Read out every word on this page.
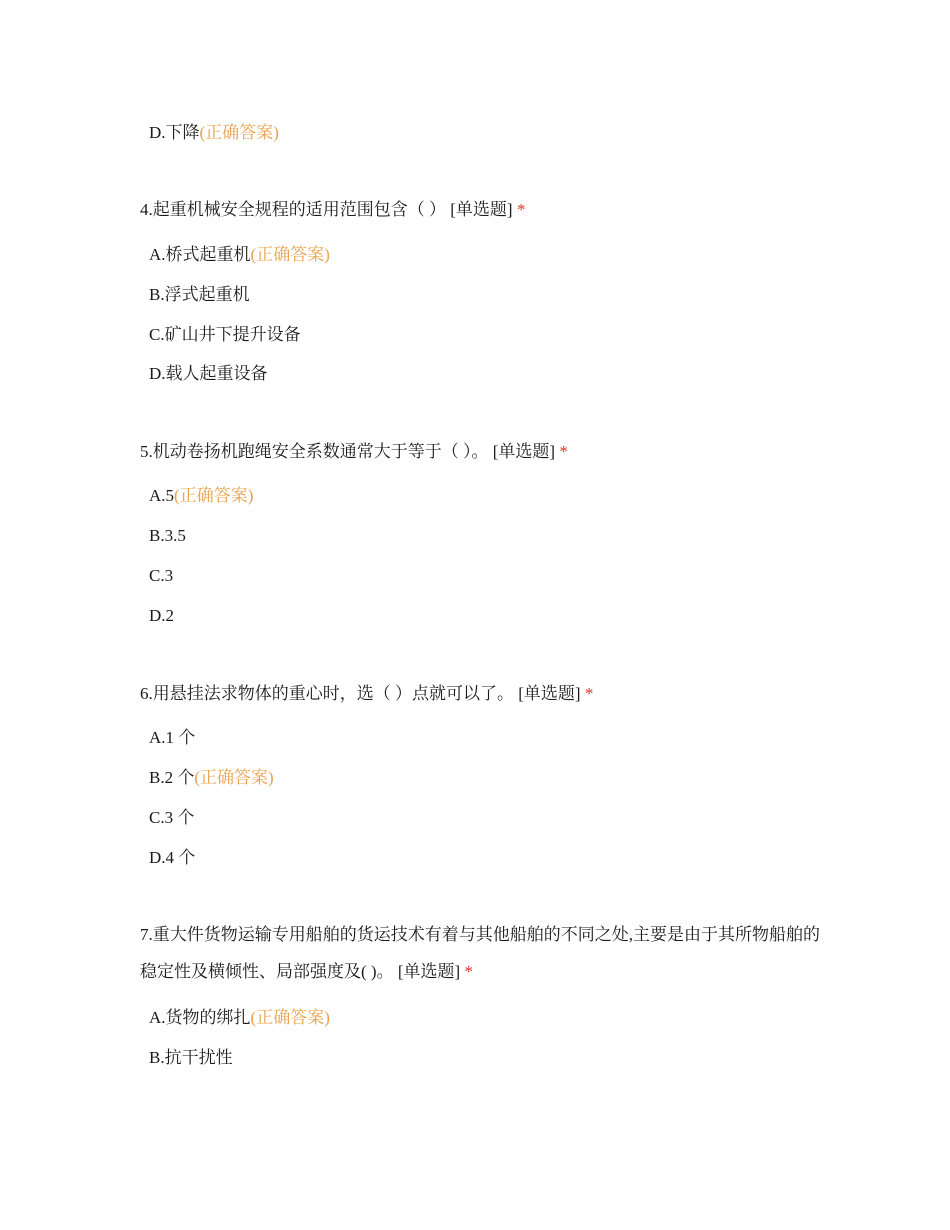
D.下降(正确答案)
4.起重机械安全规程的适用范围包含（ ） [单选题] *
A.桥式起重机(正确答案)
B.浮式起重机
C.矿山井下提升设备
D.载人起重设备
5.机动卷扬机跑绳安全系数通常大于等于（ ）。 [单选题] *
A.5(正确答案)
B.3.5
C.3
D.2
6.用悬挂法求物体的重心时，选（ ）点就可以了。 [单选题] *
A.1 个
B.2 个(正确答案)
C.3 个
D.4 个
7.重大件货物运输专用船舶的货运技术有着与其他船舶的不同之处,主要是由于其所物船舶的稳定性及横倾性、局部强度及( )。 [单选题] *
A.货物的绑扎(正确答案)
B.抗干扰性
